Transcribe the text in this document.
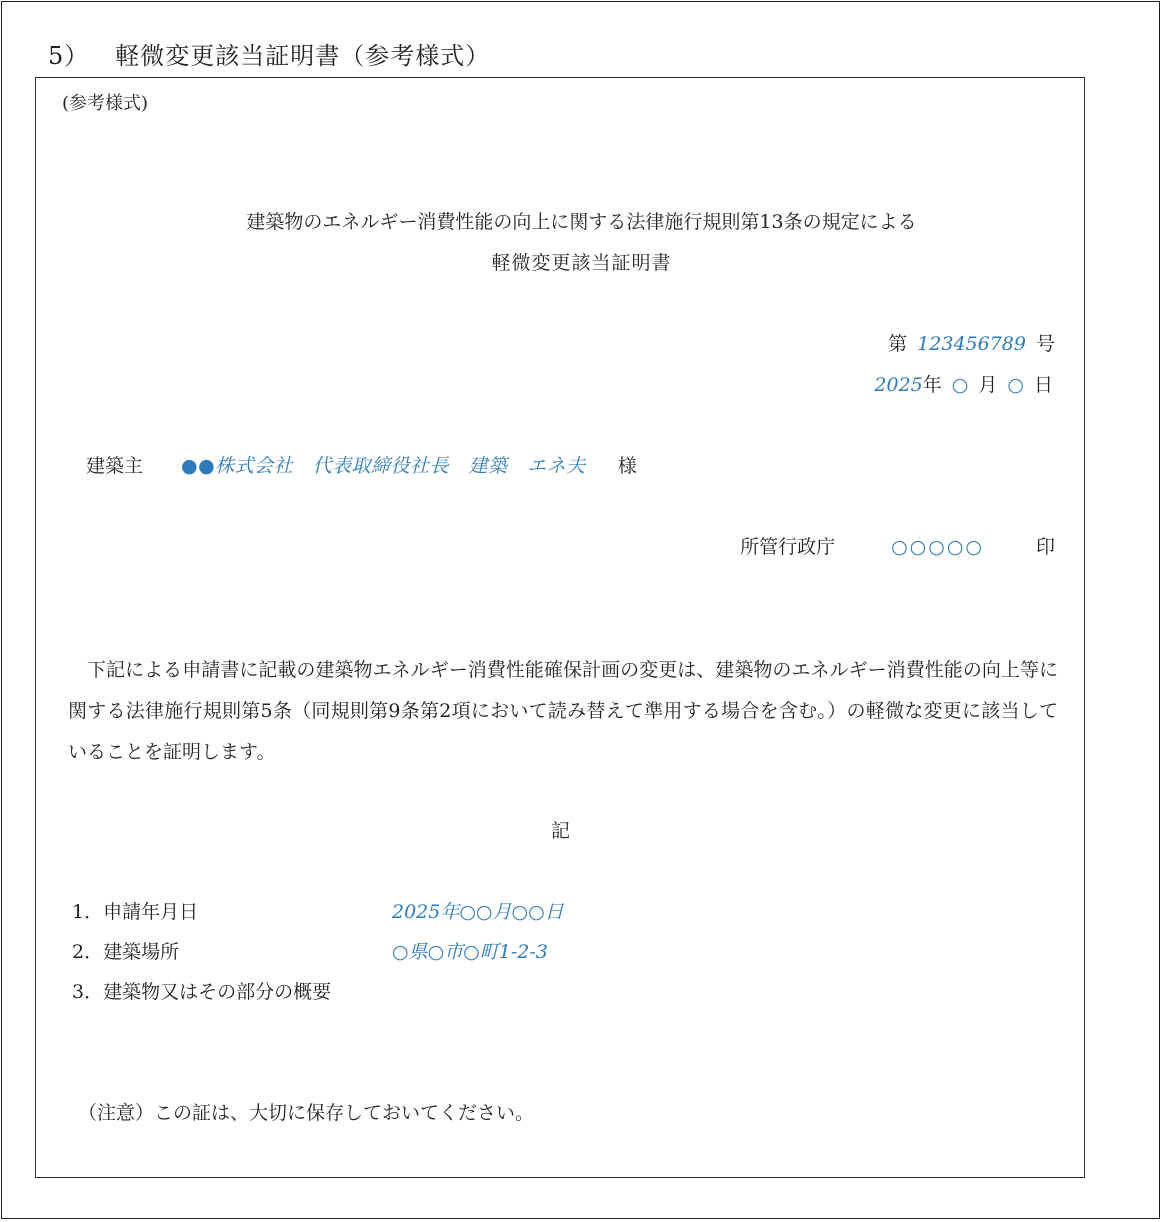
5） 軽微変更該当証明書（参考様式）
(参考様式)
建築物のエネルギー消費性能の向上に関する法律施行規則第13条の規定による
軽微変更該当証明書
第 123456789 号
2025年 ○ 月 ○ 日
建築主 ●●株式会社　代表取締役社長　建築　エネ夫 様
所管行政庁	○○○○○	印
下記による申請書に記載の建築物エネルギー消費性能確保計画の変更は、建築物のエネルギー消費性能の向上等に関する法律施行規則第5条（同規則第9条第2項において読み替えて準用する場合を含む。）の軽微な変更に該当していることを証明します。
記
1．申請年月日	2025年○○月○○日
2．建築場所	○県○市○町1-2-3
3．建築物又はその部分の概要
（注意）この証は、大切に保存しておいてください。
